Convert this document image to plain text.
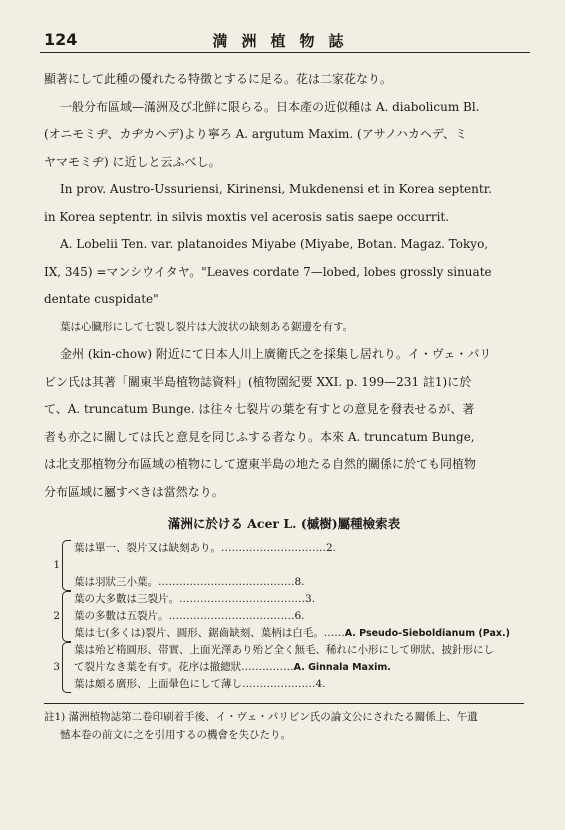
124	満洲植物誌
顯著にして此種の優れたる特徴とするに足る。花は二家花なり。
一般分布區域—滿洲及び北鮮に限らる。日本產の近似種は A. diabolicum Bl.
(オニモミヂ、カヂカヘデ)より寧ろ A. argutum Maxim. (アサノハカヘデ、ミ
ヤマモミヂ) に近しと云ふべし。
In prov. Austro-Ussuriensi, Kirinensi, Mukdenensi et in Korea septentr.
in Korea septentr. in silvis moxtis vel acerosis satis saepe occurrit.
A. Lobelii Ten. var. platanoides Miyabe (Miyabe, Botan. Magaz. Tokyo,
IX, 345) =マンシウイタヤ。"Leaves cordate 7—lobed, lobes grossly sinuate
dentate cuspidate"
葉は心臓形にして七裂し裂片は大波状の缺刻ある鋸邊を有す。
金州 (kin-chow) 附近にて日本人川上廣衛氏之を採集し居れり。イ・ヴェ・パリ
ビン氏は其著「關東半島植物誌資料」(植物園紀要 XXI. p. 199—231 註1)に於
て、A. truncatum Bunge. は往々七裂片の葉を有すとの意見を發表せるが、著
者も亦之に關しては氏と意見を同じふする者なり。本來 A. truncatum Bunge,
は北支那植物分布區域の植物にして遼東半島の地たる自然的關係に於ても同植物
分布區域に屬すべきは當然なり。
滿洲に於ける Acer L. (槭樹)屬種檢索表
葉は單一、裂片又は缺刻あり。 ………………………… 2.
1
葉は羽狀三小葉。 ………………………………… 8.
葉の大多數は三裂片。 ……………………………… 3.
2 葉の多數は五裂片。 ……………………………… 6.
葉は七(多くは)裂片、圓形、鋸齒缺刻、葉柄は白毛。 …… A. Pseudo-Sieboldianum (Pax.)
葉は殆ど楕圓形、帯實、上面光澤あり殆ど全く無毛、稀れに小形にして卵狀、披針形にし
3 て裂片なき葉を有す。花序は撤總狀 …………… A. Ginnala Maxim.
葉は頗る廣形、上面暈色にして薄し ………………… 4.
註1) 滿洲植物誌第二卷印刷着手後、イ・ヴェ・パリビン氏の論文公にされたる關係上、午遺
憾本卷の前文に之を引用するの機會を失ひたり。
